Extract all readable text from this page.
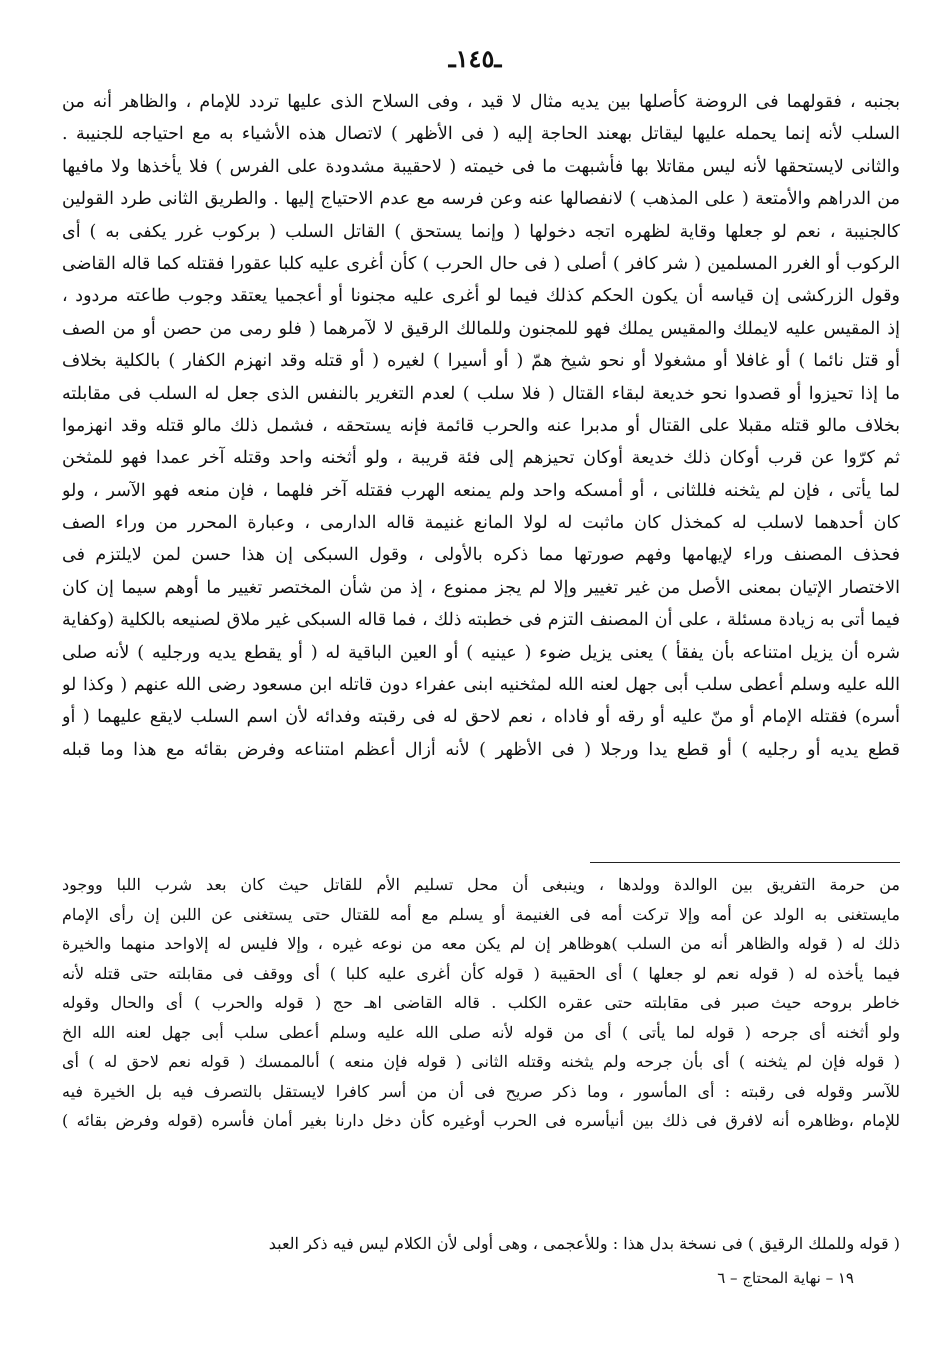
ـ١٤٥ـ
بجنبه ، فقولهما فى الروضة كأصلها بين يديه مثال لا قيد ، وفى السلاح الذى عليها تردد للإمام ، والظاهر أنه من
السلب لأنه إنما يحمله عليها ليقاتل بهعند الحاجة إليه ( فى الأظهر ) لاتصال هذه الأشياء به مع احتياجه للجنيبة .
والثانى لايستحقها لأنه ليس مقاتلا بها فأشبهت ما فى خيمته ( لاحقيبة مشدودة على الفرس ) فلا يأخذها ولا مافيها
من الدراهم والأمتعة ( على المذهب ) لانفصالها عنه وعن فرسه مع عدم الاحتياج إليها . والطريق الثانى طرد القولين
كالجنيبة ، نعم لو جعلها وقاية لظهره اتجه دخولها ( وإنما يستحق ) القاتل السلب ( بركوب غرر يكفى به ) أى
الركوب أو الغرر المسلمين ( شر كافر ) أصلى ( فى حال الحرب ) كأن أغرى عليه كلبا عقورا فقتله كما قاله القاضى
وقول الزركشى إن قياسه أن يكون الحكم كذلك فيما لو أغرى عليه مجنونا أو أعجميا يعتقد وجوب طاعته مردود ،
إذ المقيس عليه لايملك والمقيس يملك فهو للمجنون وللمالك الرقيق لا لآمرهما ( فلو رمى من حصن أو من الصف
أو قتل نائما ) أو غافلا أو مشغولا أو نحو شيخ همّ ( أو أسيرا ) لغيره ( أو قتله وقد انهزم الكفار ) بالكلية بخلاف
ما إذا تحيزوا أو قصدوا نحو خديعة لبقاء القتال ( فلا سلب ) لعدم التغرير بالنفس الذى جعل له السلب فى مقابلته
بخلاف مالو قتله مقبلا على القتال أو مدبرا عنه والحرب قائمة فإنه يستحقه ، فشمل ذلك مالو قتله وقد انهزموا
ثم كرّوا عن قرب أوكان ذلك خديعة أوكان تحيزهم إلى فئة قريبة ، ولو أثخنه واحد وقتله آخر عمدا فهو للمثخن
لما يأتى ، فإن لم يثخنه فللثانى ، أو أمسكه واحد ولم يمنعه الهرب فقتله آخر فلهما ، فإن منعه فهو الآسر ، ولو
كان أحدهما لاسلب له كمخذل كان ماثبت له لولا المانع غنيمة قاله الدارمى ، وعبارة المحرر من وراء الصف
فحذف المصنف وراء لإيهامها وفهم صورتها مما ذكره بالأولى ، وقول السبكى إن هذا حسن لمن لايلتزم فى
الاختصار الإتيان بمعنى الأصل من غير تغيير وإلا لم يجز ممنوع ، إذ من شأن المختصر تغيير ما أوهم سيما إن كان
فيما أتى به زيادة مسئلة ، على أن المصنف التزم فى خطبته ذلك ، فما قاله السبكى غير ملاق لصنيعه بالكلية (وكفاية
شره أن يزيل امتناعه بأن يفقأ ) يعنى يزيل ضوء ( عينيه ) أو العين الباقية له ( أو يقطع يديه ورجليه ) لأنه صلى
الله عليه وسلم أعطى سلب أبى جهل لعنه الله لمثخنيه ابنى عفراء دون قاتله ابن مسعود رضى الله عنهم ( وكذا لو
أسره) فقتله الإمام أو منّ عليه أو رقه أو فاداه ، نعم لاحق له فى رقبته وفدائه لأن اسم السلب لايقع عليهما ( أو
قطع يديه أو رجليه ) أو قطع يدا ورجلا ( فى الأظهر ) لأنه أزال أعظم امتناعه وفرض بقائه مع هذا وما قبله
من حرمة التفريق بين الوالدة وولدها ، وينبغى أن محل تسليم الأم للقاتل حيث كان بعد شرب اللبا ووجود
مايستغنى به الولد عن أمه وإلا تركت أمه فى الغنيمة أو يسلم مع أمه للقتال حتى يستغنى عن اللبن إن رأى الإمام
ذلك له ( قوله والظاهر أنه من السلب )هوظاهر إن لم يكن معه من نوعه غيره ، وإلا فليس له إلاواحد منهما والخيرة
فيما يأخذه له ( قوله نعم لو جعلها ) أى الحقيبة ( قوله كأن أغرى عليه كلبا ) أى ووقف فى مقابلته حتى قتله لأنه
خاطر بروحه حيث صبر فى مقابلته حتى عقره الكلب . قاله القاضى اهـ حج ( قوله والحرب ) أى والحال وقوله
ولو أثخنه أى جرحه ( قوله لما يأتى ) أى من قوله لأنه صلى الله عليه وسلم أعطى سلب أبى جهل لعنه الله الخ
( قوله فإن لم يثخنه ) أى بأن جرحه ولم يثخنه وقتله الثانى ( قوله فإن منعه ) أىالممسك ( قوله نعم لاحق له ) أى
للآسر وقوله فى رقبته : أى المأسور ، وما ذكر صريح فى أن من أسر كافرا لايستقل بالتصرف فيه بل الخيرة فيه
للإمام ،وظاهره أنه لافرق فى ذلك بين أنيأسره فى الحرب أوغيره كأن دخل دارنا بغير أمان فأسره (قوله وفرض بقائه )
( قوله وللملك الرقيق ) فى نسخة بدل هذا : وللأعجمى ، وهى أولى لأن الكلام ليس فيه ذكر العبد
١٩ – نهاية المحتاج – ٦
